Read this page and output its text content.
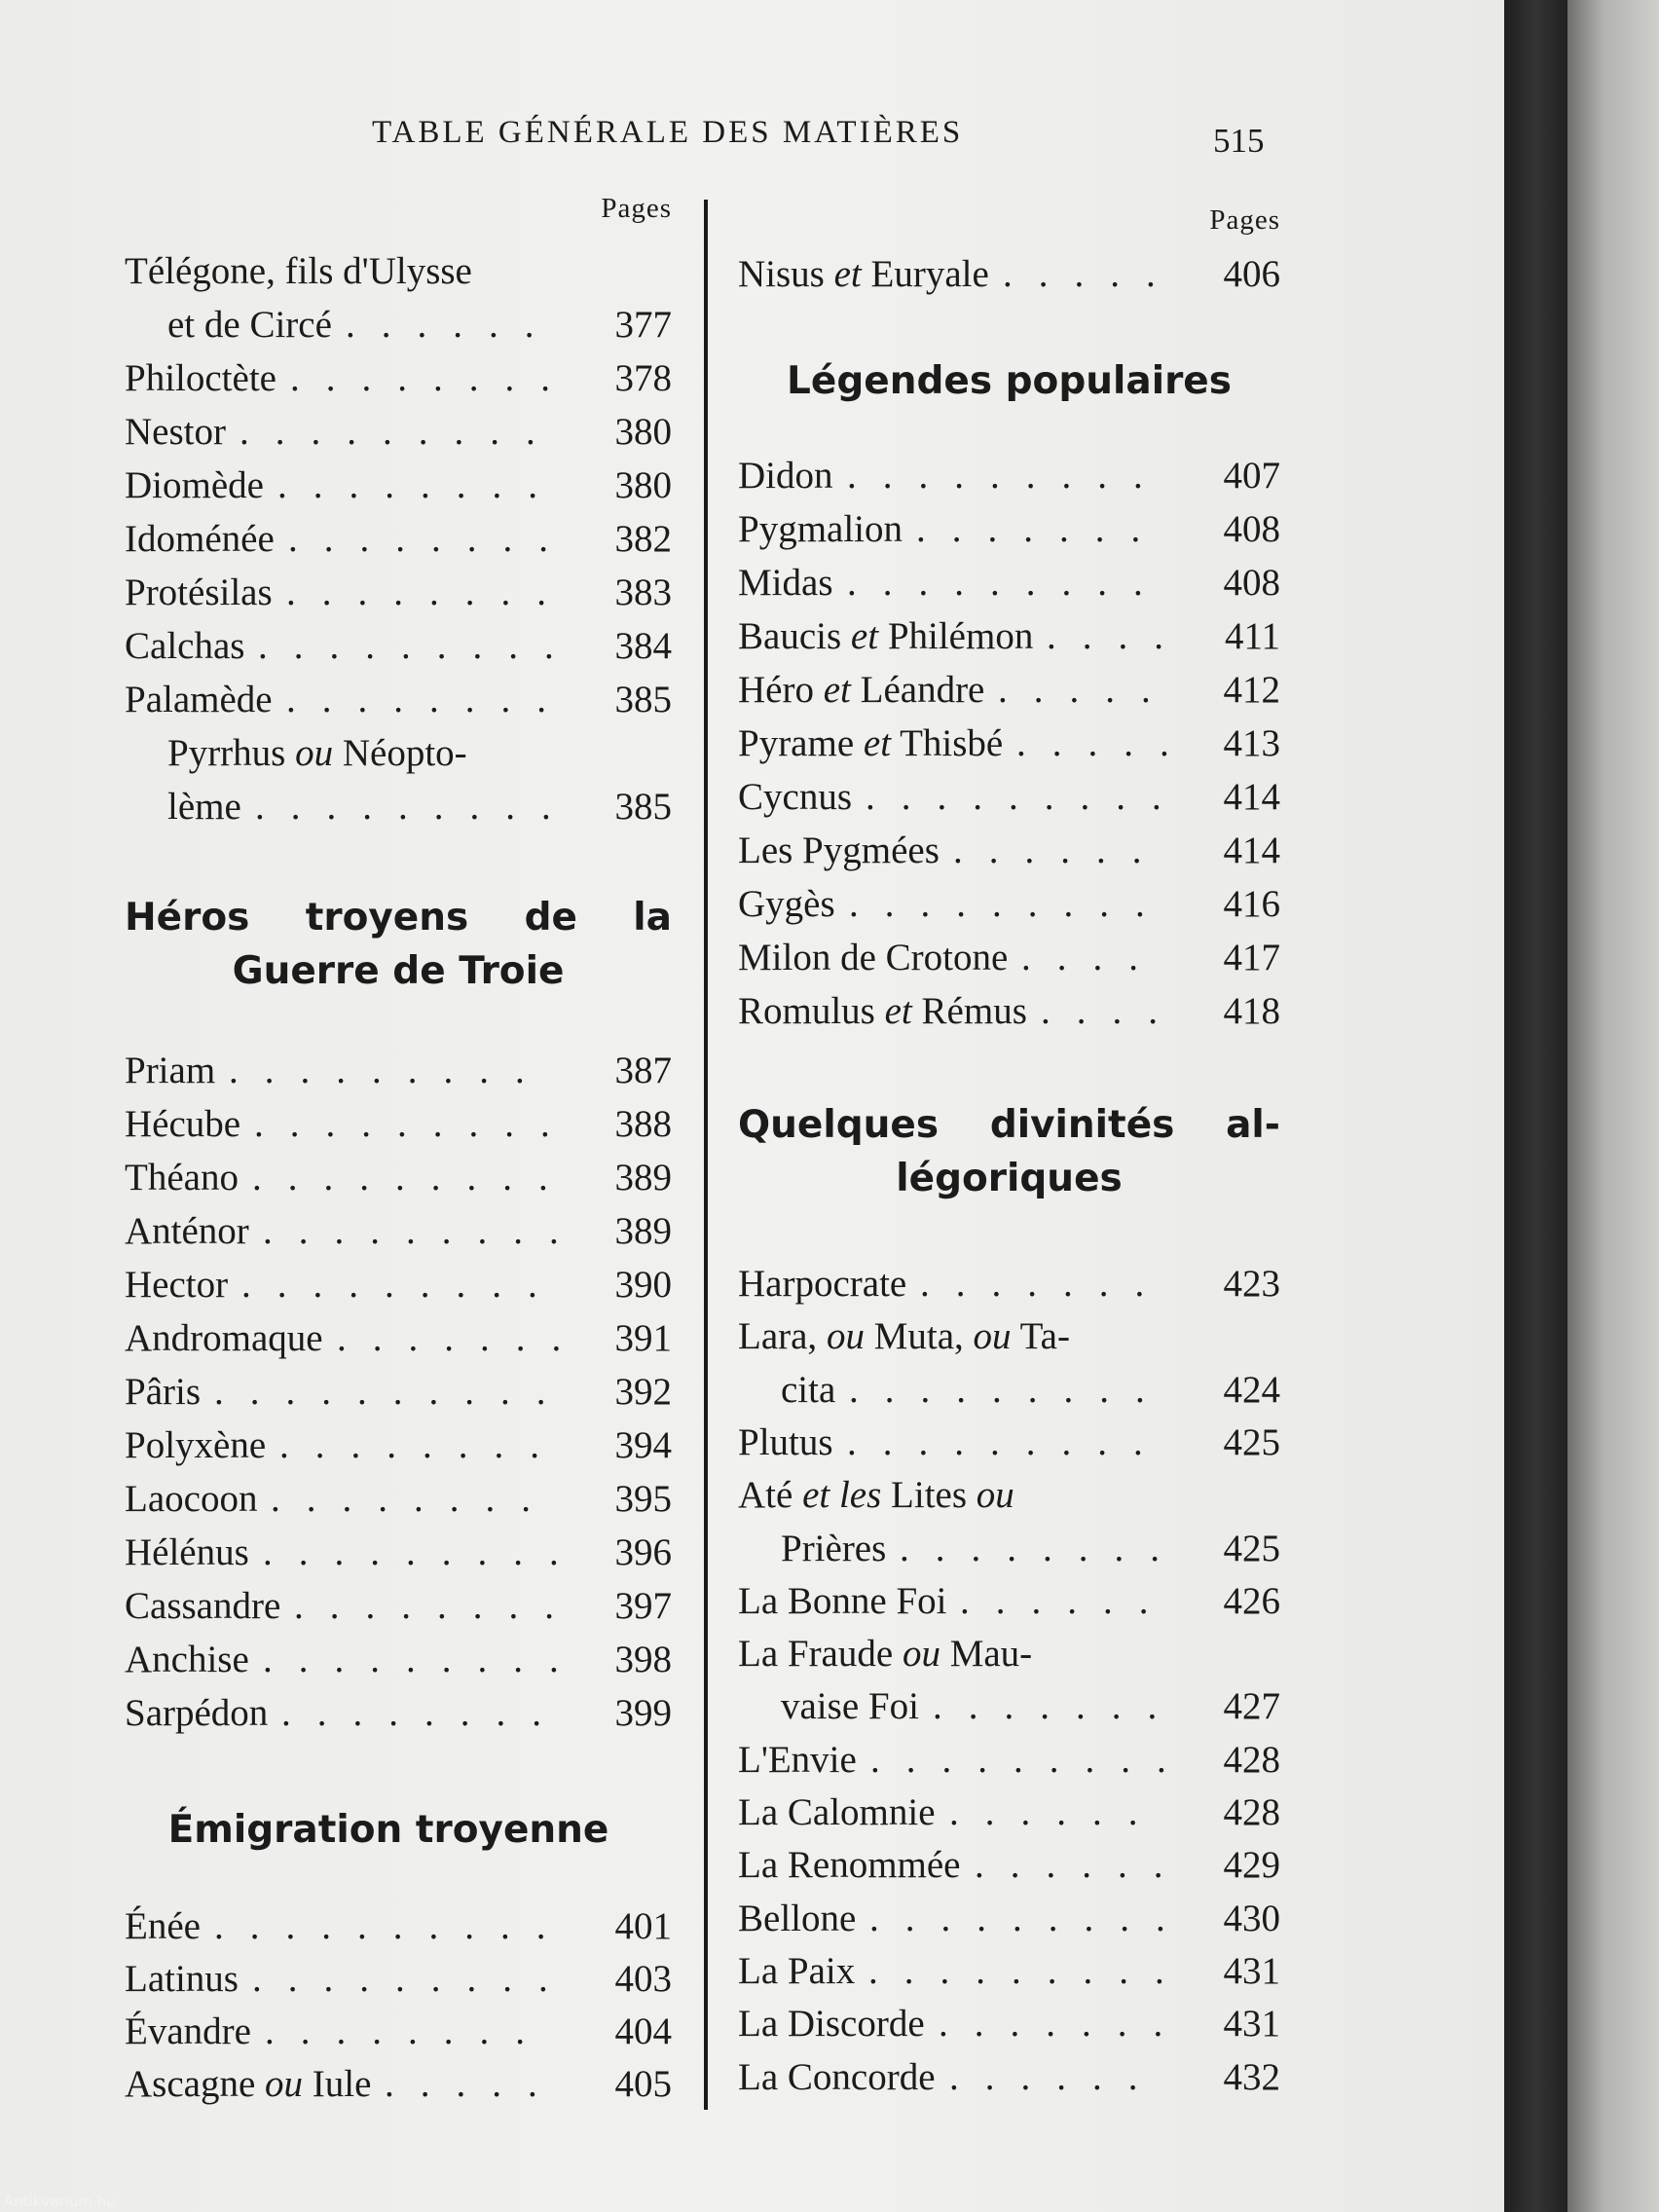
TABLE GÉNÉRALE DES MATIÈRES	515
Pages
Héros troyens de la
Guerre de Troie
Émigration troyenne
Télégone, fils d'Ulysse
et de Circé	377
......
Philoctète	378
........
Nestor	380
.........
Diomède	380
........
Idoménée	382
........
Protésilas	383
........
Calchas	384
.........
Palamède	385
........
Pyrrhus ou Néopto-
lème	385
.........
Priam	387
.........
Hécube	388
.........
Théano	389
.........
Anténor	389
.........
Hector	390
.........
Andromaque	391
.......
Pâris	392
..........
Polyxène	394
........
Laocoon	395
........
Hélénus	396
.........
Cassandre	397
........
Anchise	398
.........
Sarpédon	399
........
Énée	401
..........
Latinus	403
.........
Évandre	404
........
Ascagne ou Iule	405
.....
Pages
Légendes populaires
Quelques divinités al-
légoriques
Nisus et Euryale	406
.....
Didon	407
.........
Pygmalion	408
.......
Midas	408
.........
Baucis et Philémon	411
....
Héro et Léandre	412
.....
Pyrame et Thisbé	413
.....
Cycnus	414
.........
Les Pygmées	414
......
Gygès	416
.........
Milon de Crotone	417
....
Romulus et Rémus	418
....
Harpocrate	423
.......
Lara, ou Muta, ou Ta-
cita	424
.........
Plutus	425
.........
Até et les Lites ou
Prières	425
........
La Bonne Foi	426
......
La Fraude ou Mau-
vaise Foi	427
.......
L'Envie	428
.........
La Calomnie	428
......
La Renommée	429
......
Bellone	430
.........
La Paix	431
.........
La Discorde	431
.......
La Concorde	432
......
Antikvarium.hu
